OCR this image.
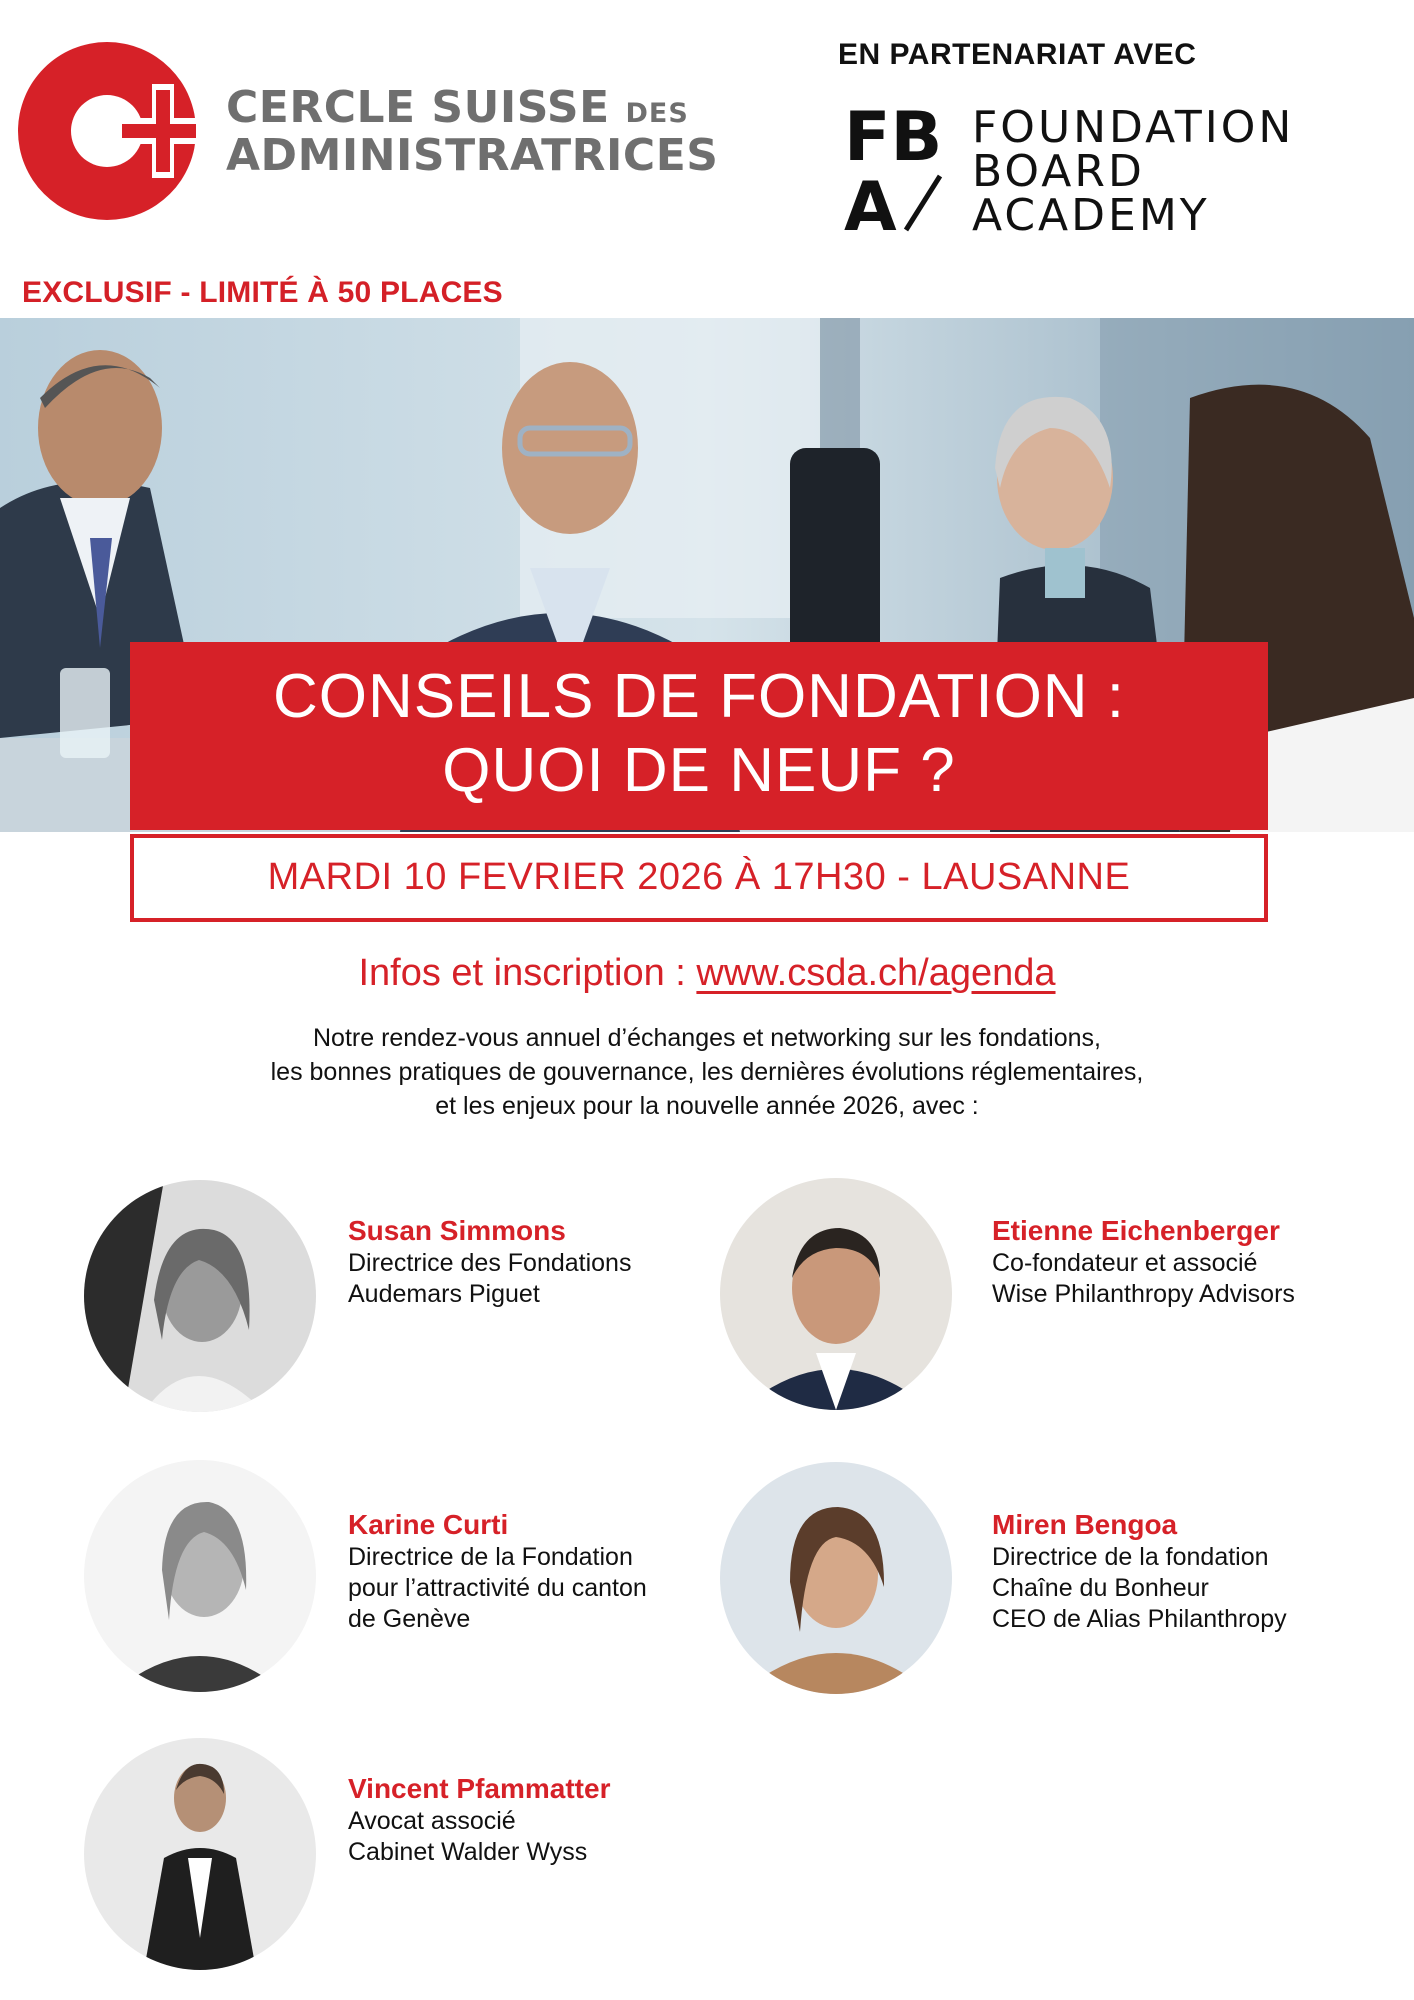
CERCLE SUISSE DES
ADMINISTRATRICES
EN PARTENARIAT AVEC
FB
A
FOUNDATION
BOARD
ACADEMY
EXCLUSIF - LIMITÉ À 50 PLACES
CONSEILS DE FONDATION :
QUOI DE NEUF ?
MARDI 10 FEVRIER 2026 À 17H30 - LAUSANNE
Infos et inscription : www.csda.ch/agenda
Notre rendez-vous annuel d’échanges et networking sur les fondations,
les bonnes pratiques de gouvernance, les dernières évolutions réglementaires,
et les enjeux pour la nouvelle année 2026, avec :
Susan Simmons
Directrice des Fondations
Audemars Piguet
Etienne Eichenberger
Co-fondateur et associé
Wise Philanthropy Advisors
Karine Curti
Directrice de la Fondation
pour l’attractivité du canton
de Genève
Miren Bengoa
Directrice de la fondation
Chaîne du Bonheur
CEO de Alias Philanthropy
Vincent Pfammatter
Avocat associé
Cabinet Walder Wyss
